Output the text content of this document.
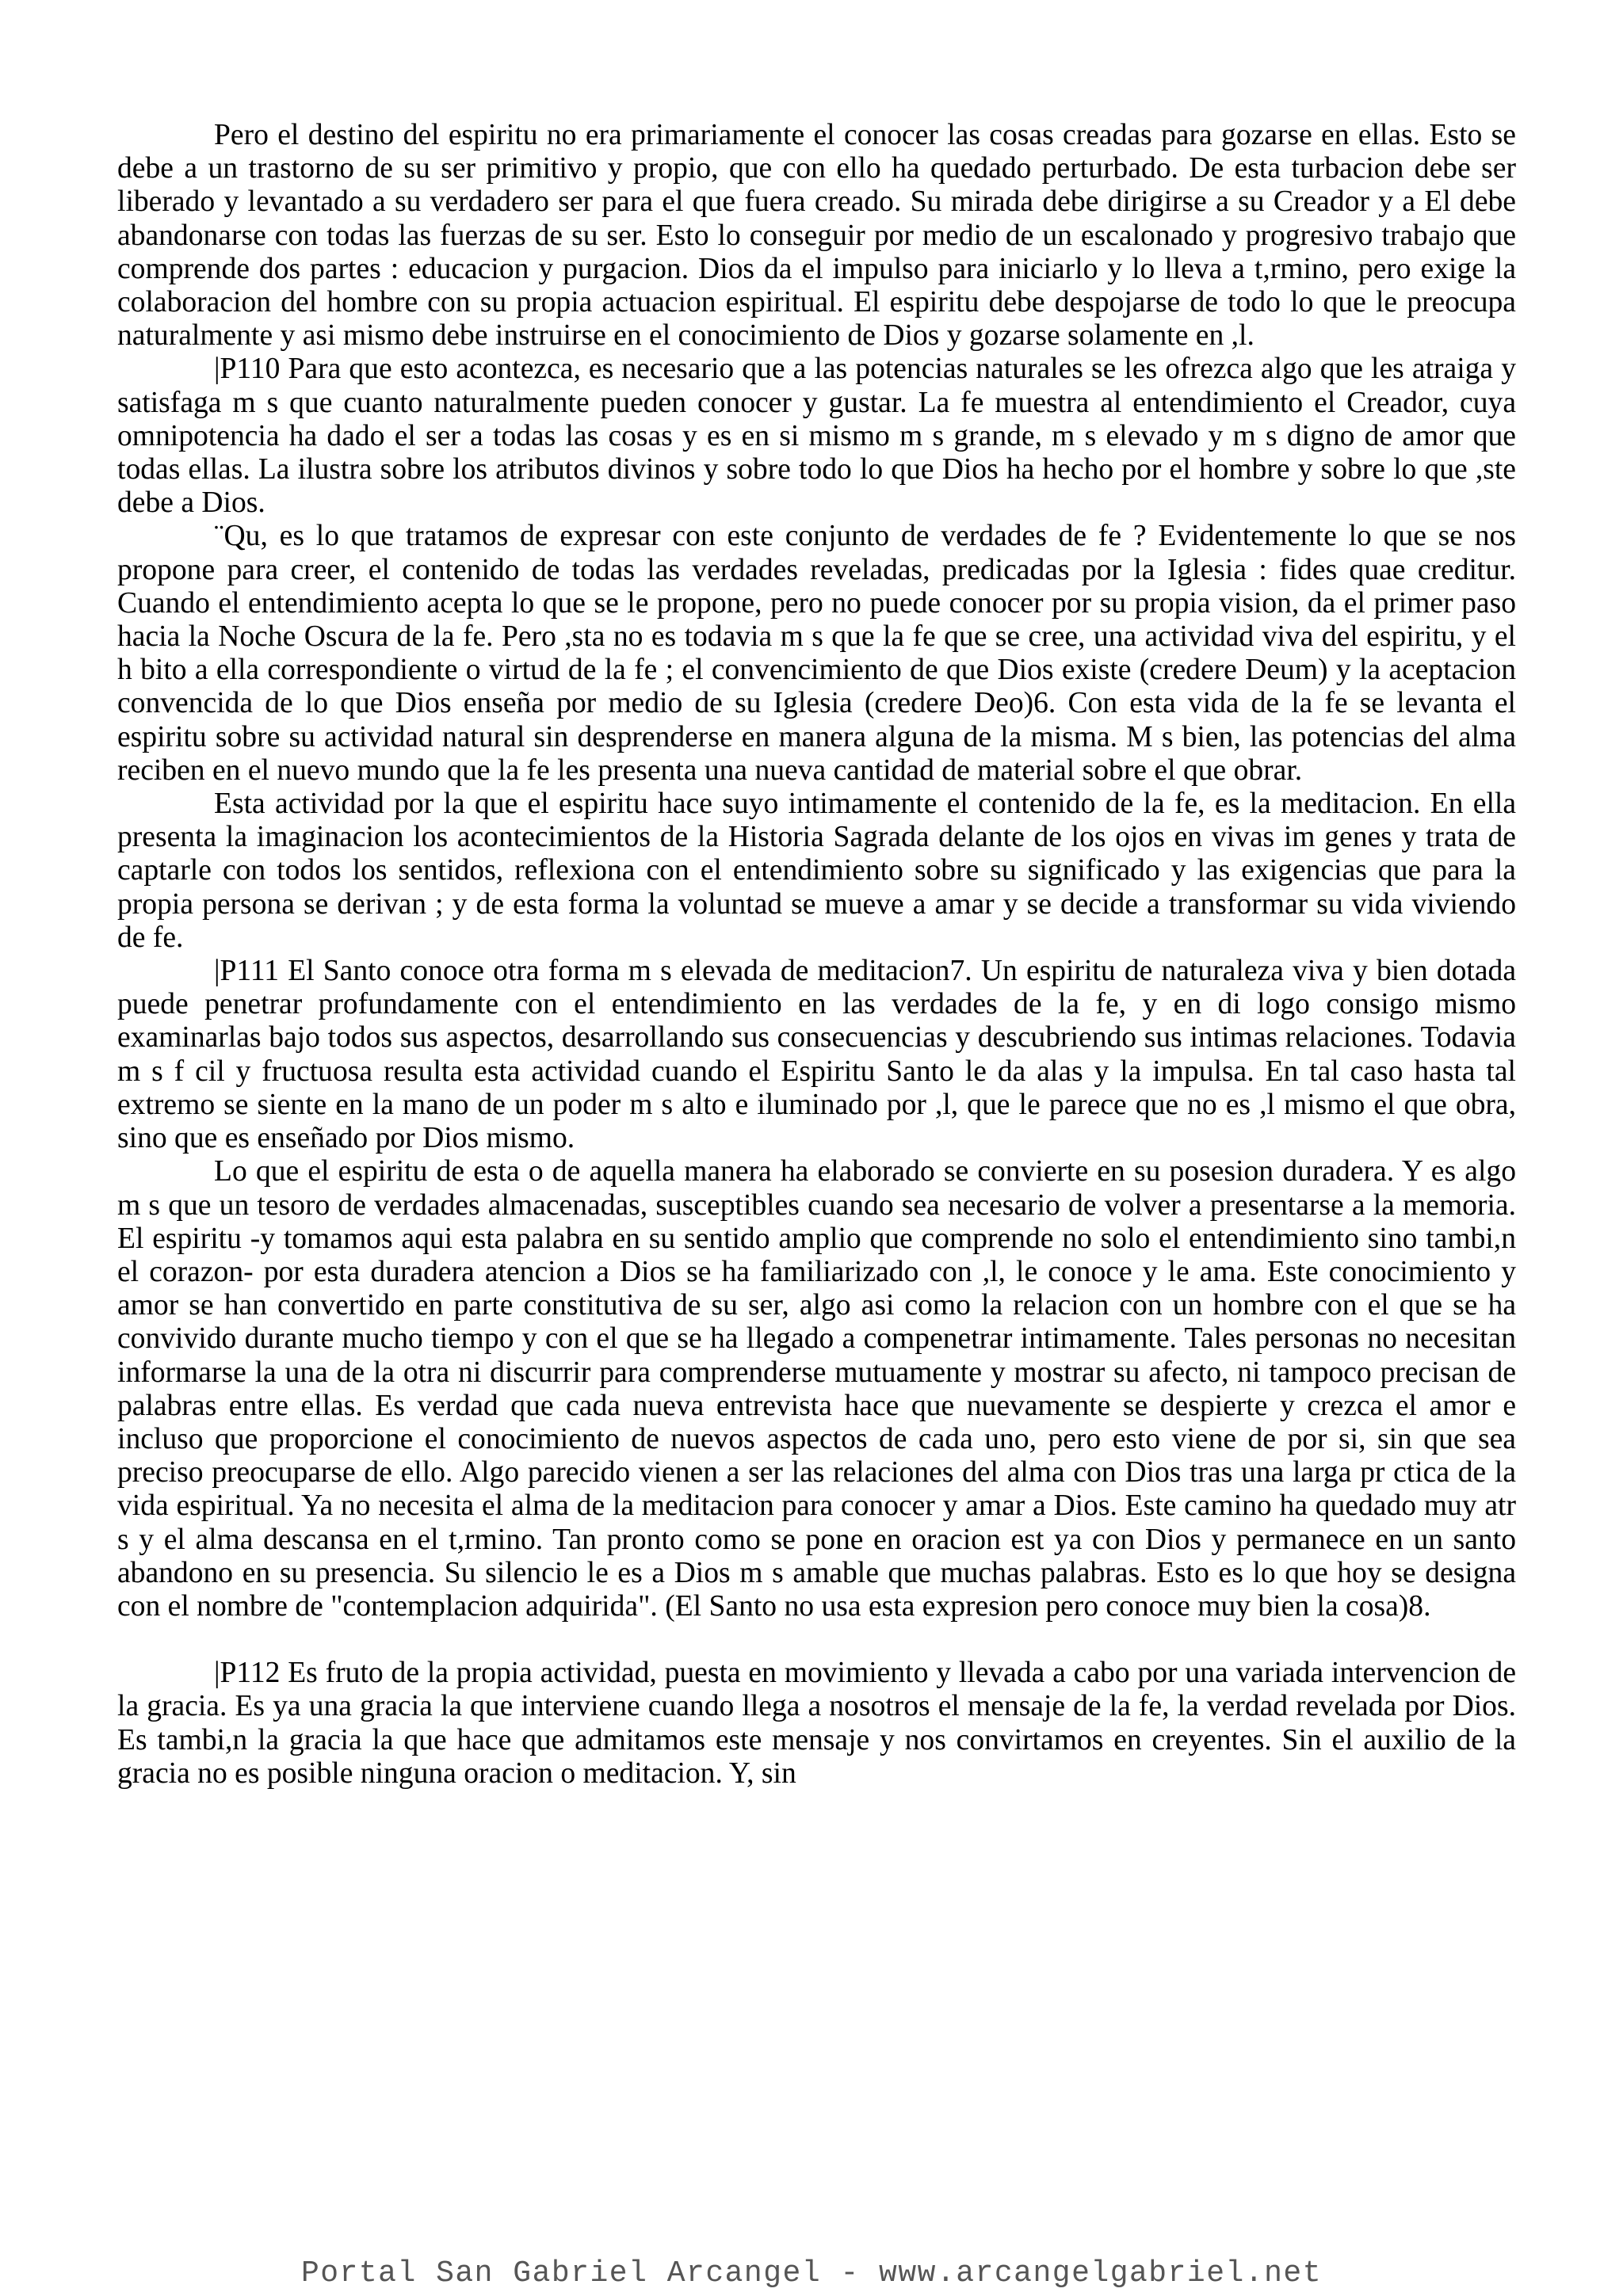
Pero el destino del espiritu no era primariamente el conocer las cosas creadas para gozarse en ellas. Esto se debe a un trastorno de su ser primitivo y propio, que con ello ha quedado perturbado. De esta turbacion debe ser liberado y levantado a su verdadero ser para el que fuera creado. Su mirada debe dirigirse a su Creador y a El debe abandonarse con todas las fuerzas de su ser. Esto lo conseguir por medio de un escalonado y progresivo trabajo que comprende dos partes : educacion y purgacion. Dios da el impulso para iniciarlo y lo lleva a t,rmino, pero exige la colaboracion del hombre con su propia actuacion espiritual. El espiritu debe despojarse de todo lo que le preocupa naturalmente y asi mismo debe instruirse en el conocimiento de Dios y gozarse solamente en ,l.

|P110 Para que esto acontezca, es necesario que a las potencias naturales se les ofrezca algo que les atraiga y satisfaga m s que cuanto naturalmente pueden conocer y gustar. La fe muestra al entendimiento el Creador, cuya omnipotencia ha dado el ser a todas las cosas y es en si mismo m s grande, m s elevado y m s digno de amor que todas ellas. La ilustra sobre los atributos divinos y sobre todo lo que Dios ha hecho por el hombre y sobre lo que ,ste debe a Dios.

¨Qu, es lo que tratamos de expresar con este conjunto de verdades de fe ? Evidentemente lo que se nos propone para creer, el contenido de todas las verdades reveladas, predicadas por la Iglesia : fides quae creditur. Cuando el entendimiento acepta lo que se le propone, pero no puede conocer por su propia vision, da el primer paso hacia la Noche Oscura de la fe. Pero ,sta no es todavia m s que la fe que se cree, una actividad viva del espiritu, y el h bito a ella correspondiente o virtud de la fe ; el convencimiento de que Dios existe (credere Deum) y la aceptacion convencida de lo que Dios enseña por medio de su Iglesia (credere Deo)6. Con esta vida de la fe se levanta el espiritu sobre su actividad natural sin desprenderse en manera alguna de la misma. M s bien, las potencias del alma reciben en el nuevo mundo que la fe les presenta una nueva cantidad de material sobre el que obrar.

Esta actividad por la que el espiritu hace suyo intimamente el contenido de la fe, es la meditacion. En ella presenta la imaginacion los acontecimientos de la Historia Sagrada delante de los ojos en vivas im genes y trata de captarle con todos los sentidos, reflexiona con el entendimiento sobre su significado y las exigencias que para la propia persona se derivan ; y de esta forma la voluntad se mueve a amar y se decide a transformar su vida viviendo de fe.

|P111 El Santo conoce otra forma m s elevada de meditacion7. Un espiritu de naturaleza viva y bien dotada puede penetrar profundamente con el entendimiento en las verdades de la fe, y en di logo consigo mismo examinarlas bajo todos sus aspectos, desarrollando sus consecuencias y descubriendo sus intimas relaciones. Todavia m s f cil y fructuosa resulta esta actividad cuando el Espiritu Santo le da alas y la impulsa. En tal caso hasta tal extremo se siente en la mano de un poder m s alto e iluminado por ,l, que le parece que no es ,l mismo el que obra, sino que es enseñado por Dios mismo.

Lo que el espiritu de esta o de aquella manera ha elaborado se convierte en su posesion duradera. Y es algo m s que un tesoro de verdades almacenadas, susceptibles cuando sea necesario de volver a presentarse a la memoria. El espiritu -y tomamos aqui esta palabra en su sentido amplio que comprende no solo el entendimiento sino tambi,n el corazon- por esta duradera atencion a Dios se ha familiarizado con ,l, le conoce y le ama. Este conocimiento y amor se han convertido en parte constitutiva de su ser, algo asi como la relacion con un hombre con el que se ha convivido durante mucho tiempo y con el que se ha llegado a compenetrar intimamente. Tales personas no necesitan informarse la una de la otra ni discurrir para comprenderse mutuamente y mostrar su afecto, ni tampoco precisan de palabras entre ellas. Es verdad que cada nueva entrevista hace que nuevamente se despierte y crezca el amor e incluso que proporcione el conocimiento de nuevos aspectos de cada uno, pero esto viene de por si, sin que sea preciso preocuparse de ello. Algo parecido vienen a ser las relaciones del alma con Dios tras una larga pr ctica de la vida espiritual. Ya no necesita el alma de la meditacion para conocer y amar a Dios. Este camino ha quedado muy atr s y el alma descansa en el t,rmino. Tan pronto como se pone en oracion est ya con Dios y permanece en un santo abandono en su presencia. Su silencio le es a Dios m s amable que muchas palabras. Esto es lo que hoy se designa con el nombre de "contemplacion adquirida". (El Santo no usa esta expresion pero conoce muy bien la cosa)8.

|P112 Es fruto de la propia actividad, puesta en movimiento y llevada a cabo por una variada intervencion de la gracia. Es ya una gracia la que interviene cuando llega a nosotros el mensaje de la fe, la verdad revelada por Dios. Es tambi,n la gracia la que hace que admitamos este mensaje y nos convirtamos en creyentes. Sin el auxilio de la gracia no es posible ninguna oracion o meditacion. Y, sin

Portal San Gabriel Arcangel - www.arcangelgabriel.net
